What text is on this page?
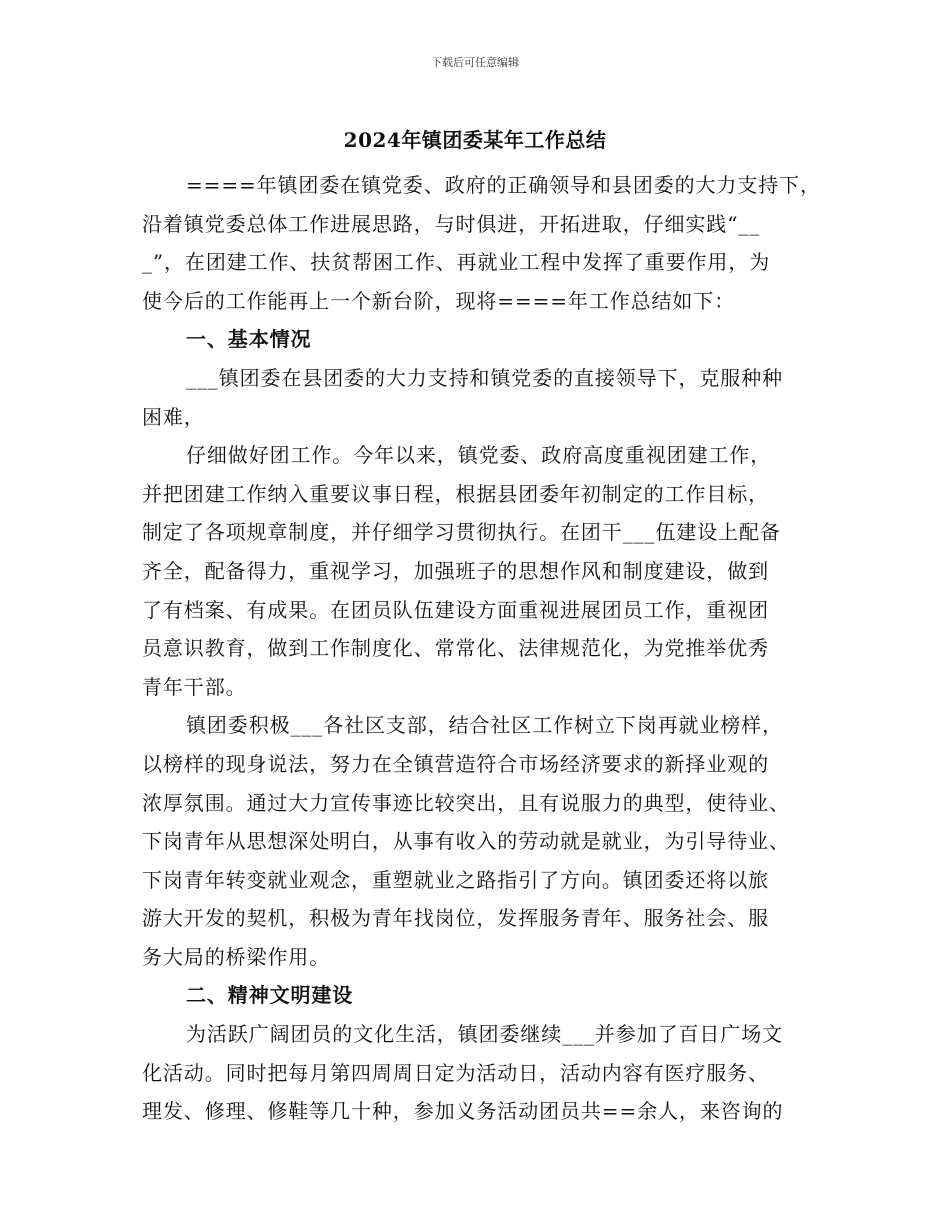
下载后可任意编辑
2024年镇团委某年工作总结
====年镇团委在镇党委、政府的正确领导和县团委的大力支持下，
沿着镇党委总体工作进展思路，与时俱进，开拓进取，仔细实践“__
_”，在团建工作、扶贫帮困工作、再就业工程中发挥了重要作用，为
使今后的工作能再上一个新台阶，现将====年工作总结如下：
一、基本情况
___镇团委在县团委的大力支持和镇党委的直接领导下，克服种种
困难，
仔细做好团工作。今年以来，镇党委、政府高度重视团建工作，
并把团建工作纳入重要议事日程，根据县团委年初制定的工作目标，
制定了各项规章制度，并仔细学习贯彻执行。在团干___伍建设上配备
齐全，配备得力，重视学习，加强班子的思想作风和制度建设，做到
了有档案、有成果。在团员队伍建设方面重视进展团员工作，重视团
员意识教育，做到工作制度化、常常化、法律规范化，为党推举优秀
青年干部。
镇团委积极___各社区支部，结合社区工作树立下岗再就业榜样，
以榜样的现身说法，努力在全镇营造符合市场经济要求的新择业观的
浓厚氛围。通过大力宣传事迹比较突出，且有说服力的典型，使待业、
下岗青年从思想深处明白，从事有收入的劳动就是就业，为引导待业、
下岗青年转变就业观念，重塑就业之路指引了方向。镇团委还将以旅
游大开发的契机，积极为青年找岗位，发挥服务青年、服务社会、服
务大局的桥梁作用。
二、精神文明建设
为活跃广阔团员的文化生活，镇团委继续___并参加了百日广场文
化活动。同时把每月第四周周日定为活动日，活动内容有医疗服务、
理发、修理、修鞋等几十种，参加义务活动团员共==余人，来咨询的
